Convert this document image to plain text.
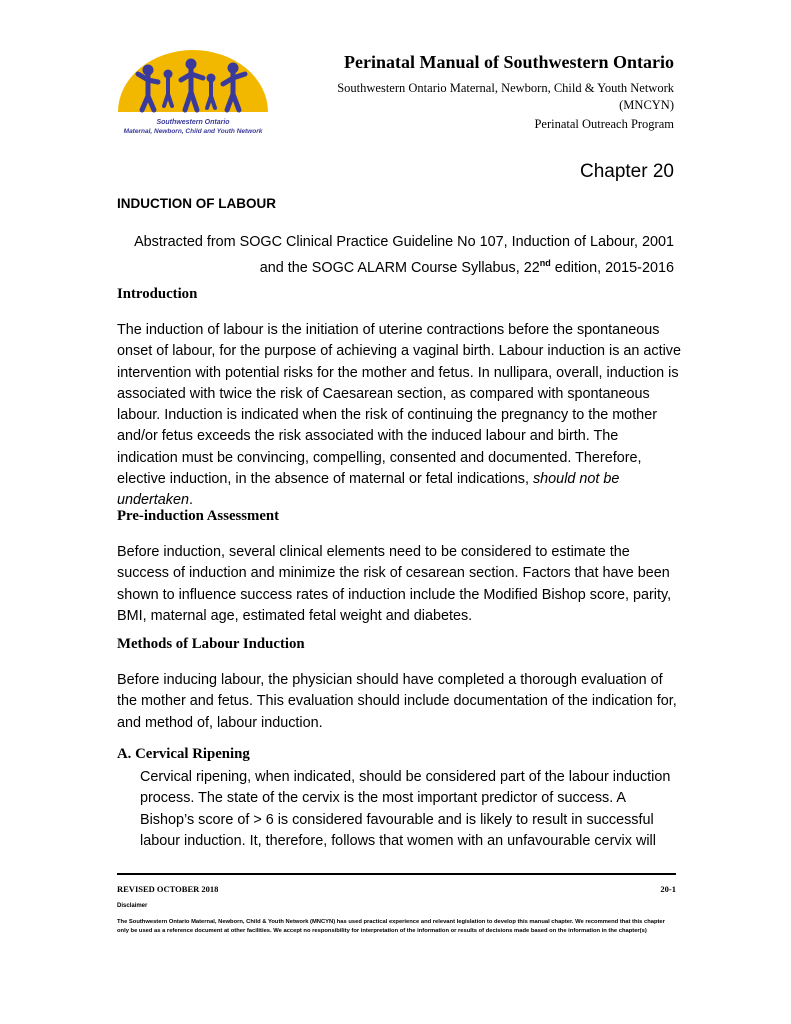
Southwestern Ontario
Maternal, Newborn, Child and Youth Network
Perinatal Manual of Southwestern Ontario
Southwestern Ontario Maternal, Newborn, Child & Youth Network
(MNCYN)
Perinatal Outreach Program
Chapter 20
INDUCTION OF LABOUR
Abstracted from SOGC Clinical Practice Guideline No 107, Induction of Labour, 2001
and the SOGC ALARM Course Syllabus, 22nd edition, 2015-2016
Introduction
The induction of labour is the initiation of uterine contractions before the spontaneous onset of labour, for the purpose of achieving a vaginal birth. Labour induction is an active intervention with potential risks for the mother and fetus. In nullipara, overall, induction is associated with twice the risk of Caesarean section, as compared with spontaneous labour. Induction is indicated when the risk of continuing the pregnancy to the mother and/or fetus exceeds the risk associated with the induced labour and birth. The indication must be convincing, compelling, consented and documented. Therefore, elective induction, in the absence of maternal or fetal indications, should not be undertaken.
Pre-induction Assessment
Before induction, several clinical elements need to be considered to estimate the success of induction and minimize the risk of cesarean section. Factors that have been shown to influence success rates of induction include the Modified Bishop score, parity, BMI, maternal age, estimated fetal weight and diabetes.
Methods of Labour Induction
Before inducing labour, the physician should have completed a thorough evaluation of the mother and fetus. This evaluation should include documentation of the indication for, and method of, labour induction.
A. Cervical Ripening
Cervical ripening, when indicated, should be considered part of the labour induction process. The state of the cervix is the most important predictor of success. A Bishop’s score of > 6 is considered favourable and is likely to result in successful labour induction. It, therefore, follows that women with an unfavourable cervix will
REVISED OCTOBER 2018	20-1
Disclaimer
The Southwestern Ontario Maternal, Newborn, Child & Youth Network (MNCYN) has used practical experience and relevant legislation to develop this manual chapter. We recommend that this chapter only be used as a reference document at other facilities. We accept no responsibility for interpretation of the information or results of decisions made based on the information in the chapter(s)
